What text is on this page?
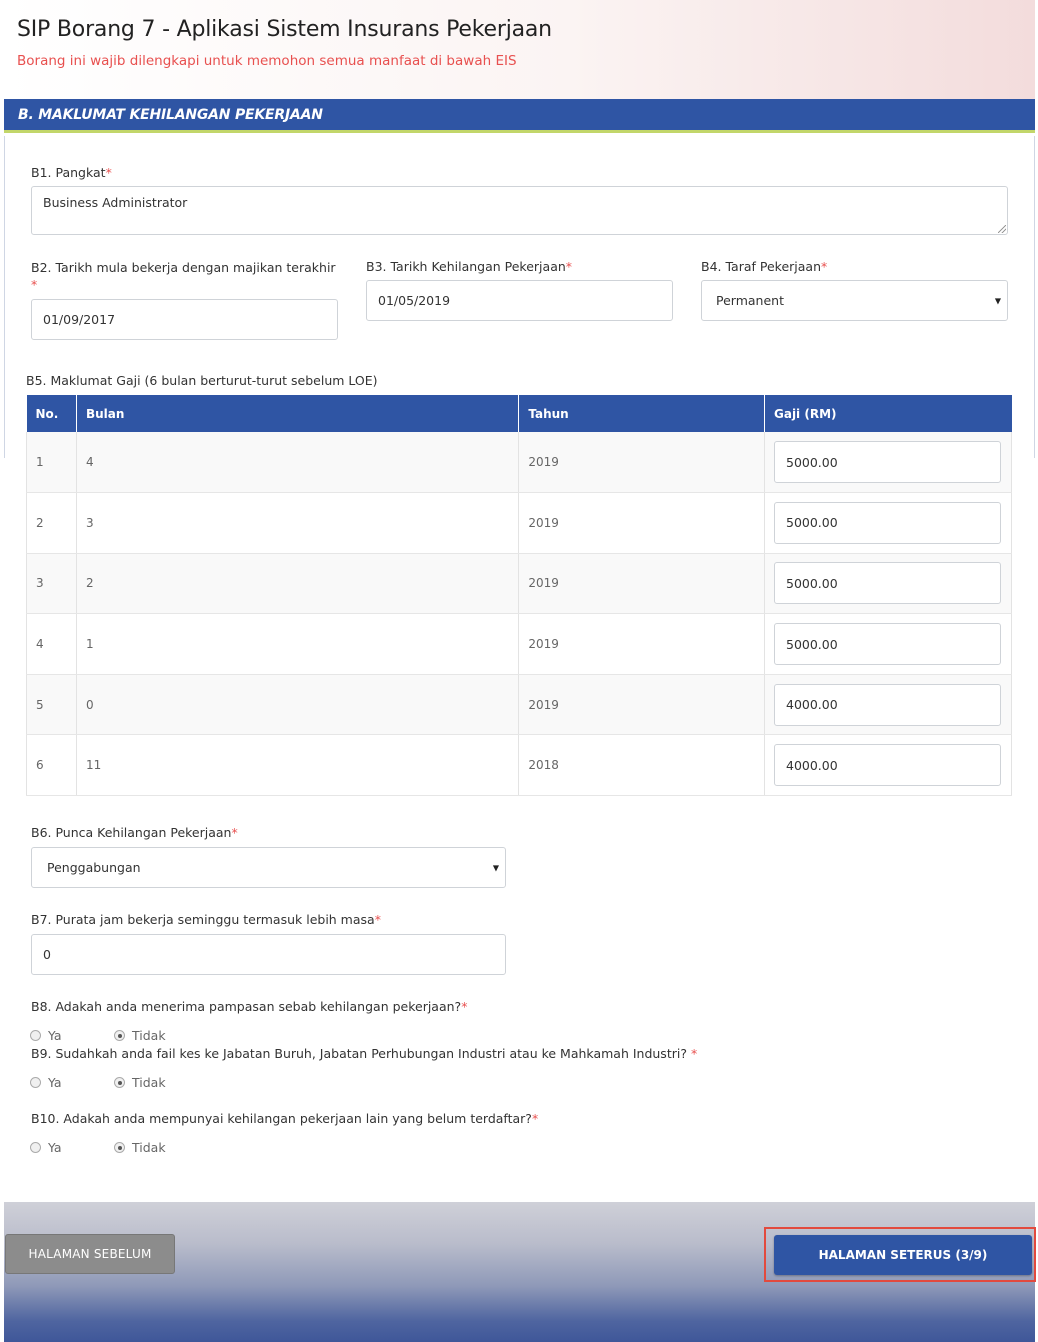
SIP Borang 7 - Aplikasi Sistem Insurans Pekerjaan
Borang ini wajib dilengkapi untuk memohon semua manfaat di bawah EIS
B. MAKLUMAT KEHILANGAN PEKERJAAN
B1. Pangkat*
Business Administrator
B2. Tarikh mula bekerja dengan majikan terakhir
*
01/09/2017
B3. Tarikh Kehilangan Pekerjaan*
01/05/2019
B4. Taraf Pekerjaan*
Permanent	▼
B5. Maklumat Gaji (6 bulan berturut-turut sebelum LOE)
No.	Bulan	Tahun	Gaji (RM)
1	4	2019	5000.00

2	3	2019	5000.00

3	2	2019	5000.00

4	1	2019	5000.00

5	0	2019	4000.00

6	11	2018	4000.00
B6. Punca Kehilangan Pekerjaan*
Penggabungan	▼
B7. Purata jam bekerja seminggu termasuk lebih masa*
0
B8. Adakah anda menerima pampasan sebab kehilangan pekerjaan?*
Ya	Tidak
B9. Sudahkah anda fail kes ke Jabatan Buruh, Jabatan Perhubungan Industri atau ke Mahkamah Industri? *
Ya	Tidak
B10. Adakah anda mempunyai kehilangan pekerjaan lain yang belum terdaftar?*
Ya	Tidak
HALAMAN SEBELUM	HALAMAN SETERUS (3/9)
